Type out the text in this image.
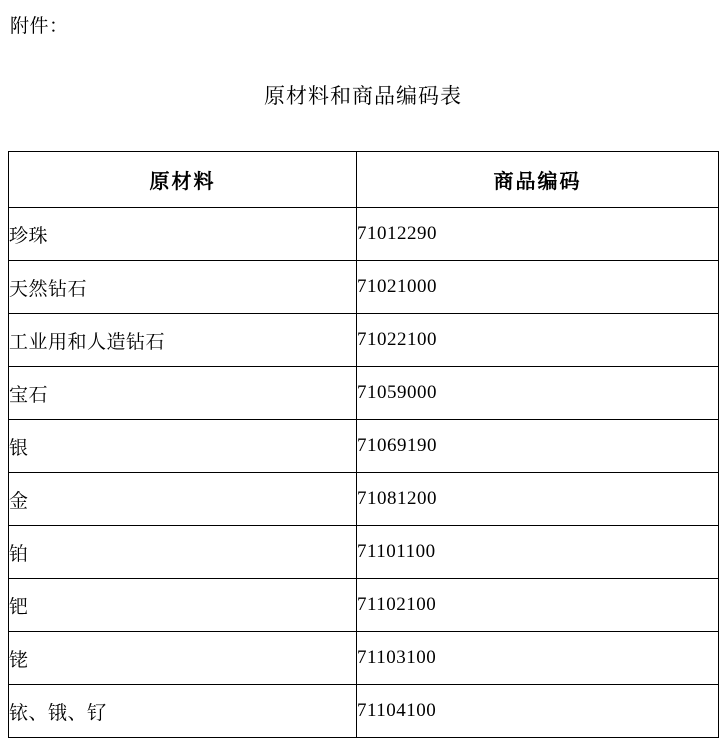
附件：
原材料和商品编码表
原材料	商品编码
珍珠	71012290
天然钻石	71021000
工业用和人造钻石	71022100
宝石	71059000
银	71069190
金	71081200
铂	71101100
钯	71102100
铑	71103100
铱、锇、钌	71104100
